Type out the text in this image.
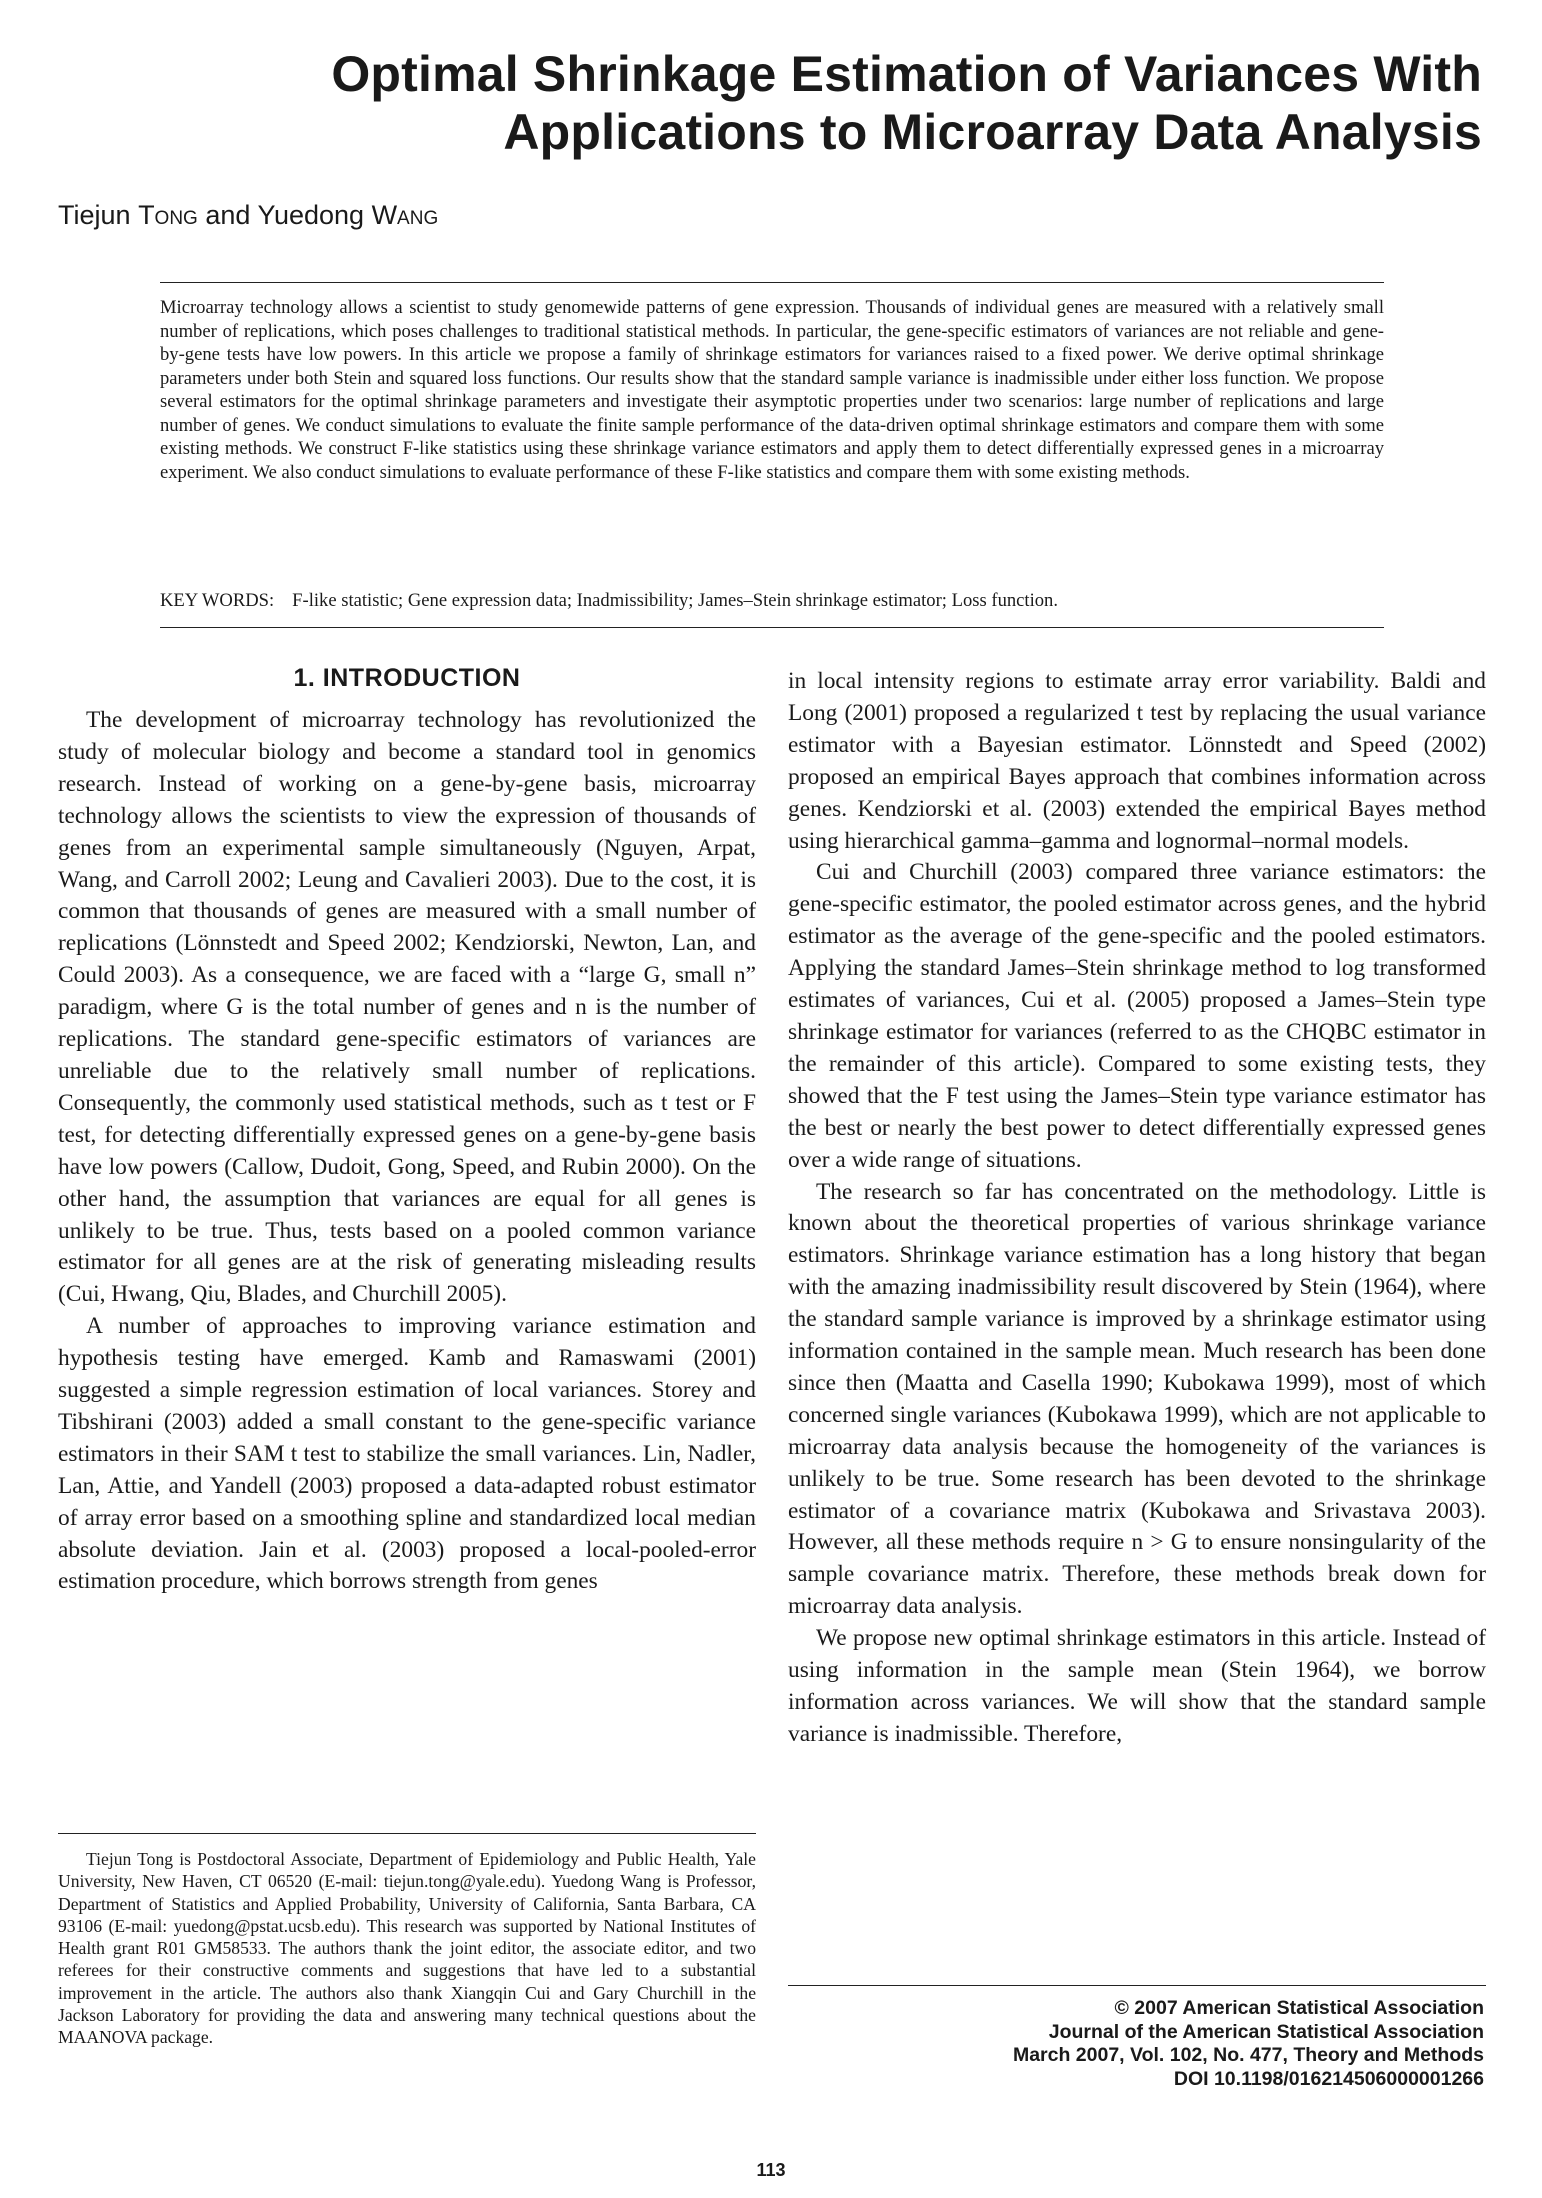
Optimal Shrinkage Estimation of Variances With
Applications to Microarray Data Analysis
Tiejun Tong and Yuedong Wang
Microarray technology allows a scientist to study genomewide patterns of gene expression. Thousands of individual genes are measured with a relatively small number of replications, which poses challenges to traditional statistical methods. In particular, the gene-specific estimators of variances are not reliable and gene-by-gene tests have low powers. In this article we propose a family of shrinkage estimators for variances raised to a fixed power. We derive optimal shrinkage parameters under both Stein and squared loss functions. Our results show that the standard sample variance is inadmissible under either loss function. We propose several estimators for the optimal shrinkage parameters and investigate their asymptotic properties under two scenarios: large number of replications and large number of genes. We conduct simulations to evaluate the finite sample performance of the data-driven optimal shrinkage estimators and compare them with some existing methods. We construct F-like statistics using these shrinkage variance estimators and apply them to detect differentially expressed genes in a microarray experiment. We also conduct simulations to evaluate performance of these F-like statistics and compare them with some existing methods.
KEY WORDS: F-like statistic; Gene expression data; Inadmissibility; James–Stein shrinkage estimator; Loss function.
1. INTRODUCTION

The development of microarray technology has revolutionized the study of molecular biology and become a standard tool in genomics research. Instead of working on a gene-by-gene basis, microarray technology allows the scientists to view the expression of thousands of genes from an experimental sample simultaneously (Nguyen, Arpat, Wang, and Carroll 2002; Leung and Cavalieri 2003). Due to the cost, it is common that thousands of genes are measured with a small number of replications (Lönnstedt and Speed 2002; Kendziorski, Newton, Lan, and Could 2003). As a consequence, we are faced with a “large G, small n” paradigm, where G is the total number of genes and n is the number of replications. The standard gene-specific estimators of variances are unreliable due to the relatively small number of replications. Consequently, the commonly used statistical methods, such as t test or F test, for detecting differentially expressed genes on a gene-by-gene basis have low powers (Callow, Dudoit, Gong, Speed, and Rubin 2000). On the other hand, the assumption that variances are equal for all genes is unlikely to be true. Thus, tests based on a pooled common variance estimator for all genes are at the risk of generating misleading results (Cui, Hwang, Qiu, Blades, and Churchill 2005).

A number of approaches to improving variance estimation and hypothesis testing have emerged. Kamb and Ramaswami (2001) suggested a simple regression estimation of local variances. Storey and Tibshirani (2003) added a small constant to the gene-specific variance estimators in their SAM t test to stabilize the small variances. Lin, Nadler, Lan, Attie, and Yandell (2003) proposed a data-adapted robust estimator of array error based on a smoothing spline and standardized local median absolute deviation. Jain et al. (2003) proposed a local-pooled-error estimation procedure, which borrows strength from genes

in local intensity regions to estimate array error variability. Baldi and Long (2001) proposed a regularized t test by replacing the usual variance estimator with a Bayesian estimator. Lönnstedt and Speed (2002) proposed an empirical Bayes approach that combines information across genes. Kendziorski et al. (2003) extended the empirical Bayes method using hierarchical gamma–gamma and lognormal–normal models.

Cui and Churchill (2003) compared three variance estimators: the gene-specific estimator, the pooled estimator across genes, and the hybrid estimator as the average of the gene-specific and the pooled estimators. Applying the standard James–Stein shrinkage method to log transformed estimates of variances, Cui et al. (2005) proposed a James–Stein type shrinkage estimator for variances (referred to as the CHQBC estimator in the remainder of this article). Compared to some existing tests, they showed that the F test using the James–Stein type variance estimator has the best or nearly the best power to detect differentially expressed genes over a wide range of situations.

The research so far has concentrated on the methodology. Little is known about the theoretical properties of various shrinkage variance estimators. Shrinkage variance estimation has a long history that began with the amazing inadmissibility result discovered by Stein (1964), where the standard sample variance is improved by a shrinkage estimator using information contained in the sample mean. Much research has been done since then (Maatta and Casella 1990; Kubokawa 1999), most of which concerned single variances (Kubokawa 1999), which are not applicable to microarray data analysis because the homogeneity of the variances is unlikely to be true. Some research has been devoted to the shrinkage estimator of a covariance matrix (Kubokawa and Srivastava 2003). However, all these methods require n > G to ensure nonsingularity of the sample covariance matrix. Therefore, these methods break down for microarray data analysis.

We propose new optimal shrinkage estimators in this article. Instead of using information in the sample mean (Stein 1964), we borrow information across variances. We will show that the standard sample variance is inadmissible. Therefore,

Tiejun Tong is Postdoctoral Associate, Department of Epidemiology and Public Health, Yale University, New Haven, CT 06520 (E-mail: tiejun.tong@yale.edu). Yuedong Wang is Professor, Department of Statistics and Applied Probability, University of California, Santa Barbara, CA 93106 (E-mail: yuedong@pstat.ucsb.edu). This research was supported by National Institutes of Health grant R01 GM58533. The authors thank the joint editor, the associate editor, and two referees for their constructive comments and suggestions that have led to a substantial improvement in the article. The authors also thank Xiangqin Cui and Gary Churchill in the Jackson Laboratory for providing the data and answering many technical questions about the MAANOVA package.

© 2007 American Statistical Association
Journal of the American Statistical Association
March 2007, Vol. 102, No. 477, Theory and Methods
DOI 10.1198/016214506000001266
113
